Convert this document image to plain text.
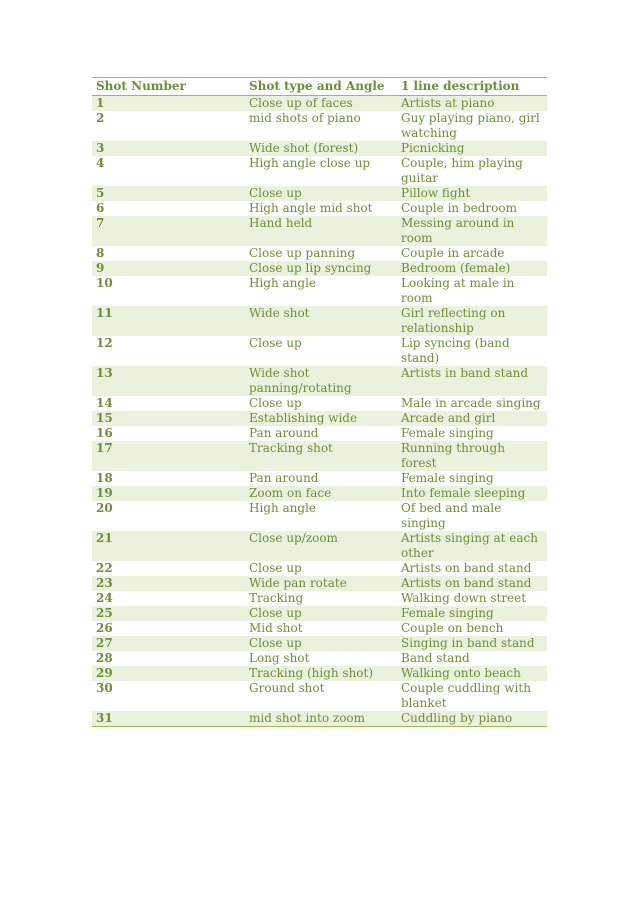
Shot Number	Shot type and Angle	1 line description
1	Close up of faces	Artists at piano
2	mid shots of piano	Guy playing piano, girl watching
3	Wide shot (forest)	Picnicking
4	High angle close up	Couple, him playing guitar
5	Close up	Pillow fight
6	High angle mid shot	Couple in bedroom
7	Hand held	Messing around in room
8	Close up panning	Couple in arcade
9	Close up lip syncing	Bedroom (female)
10	High angle	Looking at male in room
11	Wide shot	Girl reflecting on relationship
12	Close up	Lip syncing (band stand)
13	Wide shot panning/rotating	Artists in band stand
14	Close up	Male in arcade singing
15	Establishing wide	Arcade and girl
16	Pan around	Female singing
17	Tracking shot	Running through forest
18	Pan around	Female singing
19	Zoom on face	Into female sleeping
20	High angle	Of bed and male singing
21	Close up/zoom	Artists singing at each other
22	Close up	Artists on band stand
23	Wide pan rotate	Artists on band stand
24	Tracking	Walking down street
25	Close up	Female singing
26	Mid shot	Couple on bench
27	Close up	Singing in band stand
28	Long shot	Band stand
29	Tracking (high shot)	Walking onto beach
30	Ground shot	Couple cuddling with blanket
31	mid shot into zoom	Cuddling by piano
